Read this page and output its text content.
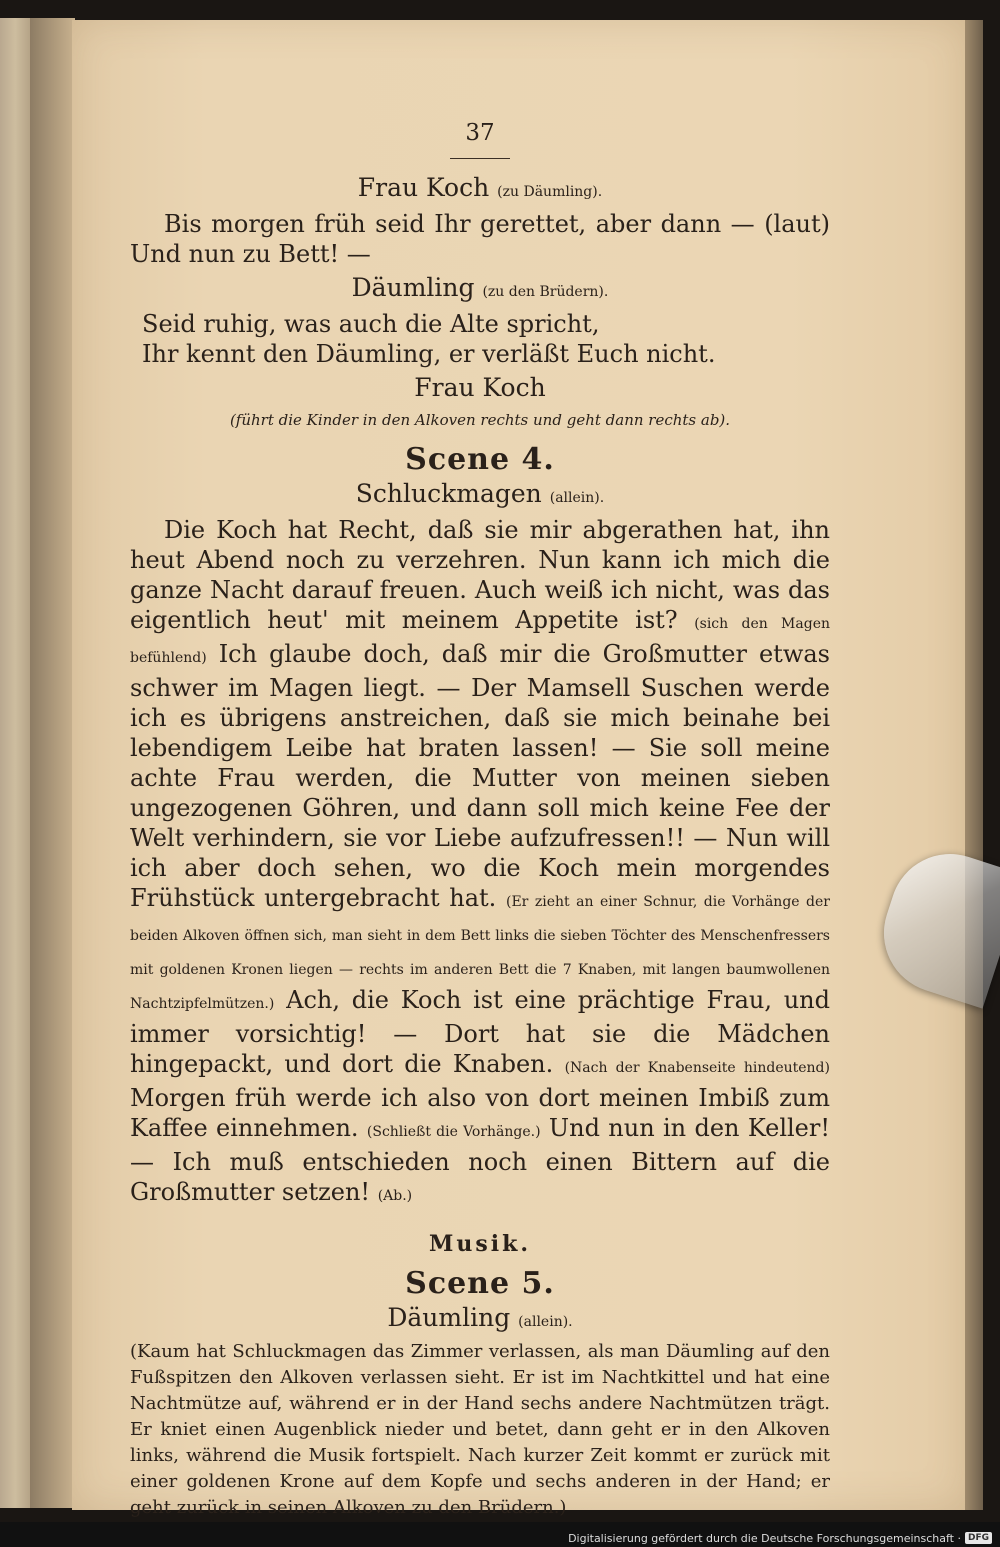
37
Frau Koch (zu Däumling).

Bis morgen früh seid Ihr gerettet, aber dann — (laut) Und nun zu Bett! —

Däumling (zu den Brüdern).

Seid ruhig, was auch die Alte spricht,

Ihr kennt den Däumling, er verläßt Euch nicht.

Frau Koch

(führt die Kinder in den Alkoven rechts und geht dann rechts ab).

Scene 4.
Schluckmagen (allein).

Die Koch hat Recht, daß sie mir abgerathen hat, ihn heut Abend noch zu verzehren. Nun kann ich mich die ganze Nacht darauf freuen. Auch weiß ich nicht, was das eigentlich heut' mit meinem Appetite ist? (sich den Magen befühlend) Ich glaube doch, daß mir die Großmutter etwas schwer im Magen liegt. — Der Mamsell Suschen werde ich es übrigens anstreichen, daß sie mich beinahe bei lebendigem Leibe hat braten lassen! — Sie soll meine achte Frau werden, die Mutter von meinen sieben ungezogenen Göhren, und dann soll mich keine Fee der Welt verhindern, sie vor Liebe aufzufressen!! — Nun will ich aber doch sehen, wo die Koch mein morgendes Frühstück untergebracht hat. (Er zieht an einer Schnur, die Vorhänge der beiden Alkoven öffnen sich, man sieht in dem Bett links die sieben Töchter des Menschenfressers mit goldenen Kronen liegen — rechts im anderen Bett die 7 Knaben, mit langen baumwollenen Nachtzipfelmützen.) Ach, die Koch ist eine prächtige Frau, und immer vorsichtig! — Dort hat sie die Mädchen hingepackt, und dort die Knaben. (Nach der Knabenseite hindeutend) Morgen früh werde ich also von dort meinen Imbiß zum Kaffee einnehmen. (Schließt die Vorhänge.) Und nun in den Keller! — Ich muß entschieden noch einen Bittern auf die Großmutter setzen! (Ab.)

Musik.
Scene 5.
Däumling (allein).

(Kaum hat Schluckmagen das Zimmer verlassen, als man Däumling auf den Fußspitzen den Alkoven verlassen sieht. Er ist im Nachtkittel und hat eine Nachtmütze auf, während er in der Hand sechs andere Nachtmützen trägt. Er kniet einen Augenblick nieder und betet, dann geht er in den Alkoven links, während die Musik fortspielt. Nach kurzer Zeit kommt er zurück mit einer goldenen Krone auf dem Kopfe und sechs anderen in der Hand; er geht zurück in seinen Alkoven zu den Brüdern.)

Digitalisierung gefördert durch die Deutsche Forschungsgemeinschaft · DFG
